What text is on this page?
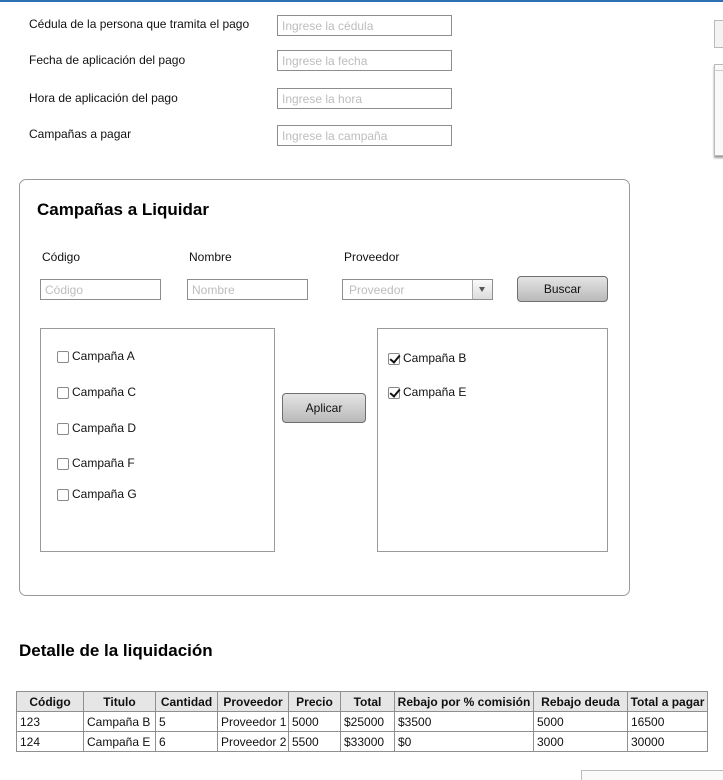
Cédula de la persona que tramita el pago
Ingrese la cédula
Fecha de aplicación del pago
Ingrese la fecha
Hora de aplicación del pago
Ingrese la hora
Campañas a pagar
Ingrese la campaña
Campañas a Liquidar
Código	Nombre	Proveedor
Código
Nombre
Proveedor	Buscar
Campaña A
Campaña C
Campaña D
Campaña F
Campaña G
Aplicar
Campaña B
Campaña E
Detalle de la liquidación
Código	Titulo	Cantidad	Proveedor	Precio	Total	Rebajo por % comisión	Rebajo deuda	Total a pagar
123	Campaña B	5	Proveedor 1	5000	$25000	$3500	5000	16500
124	Campaña E	6	Proveedor 2	5500	$33000	$0	3000	30000
